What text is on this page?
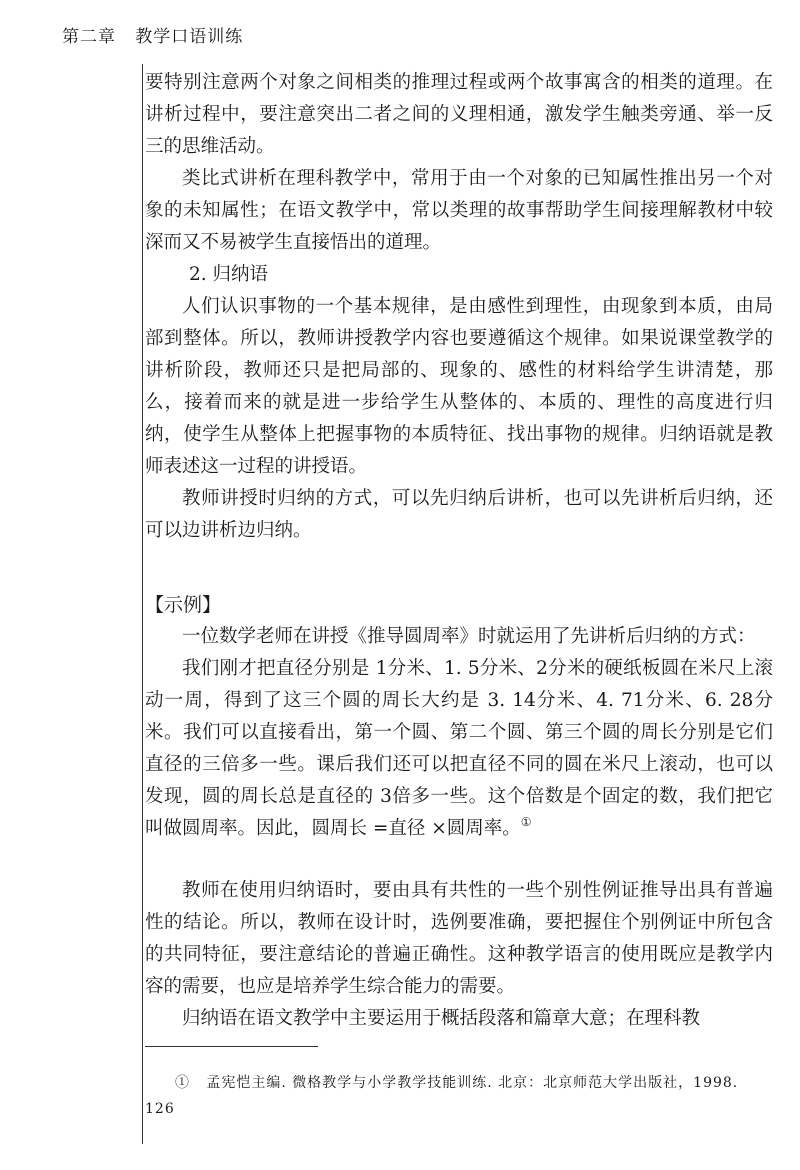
第二章   教学口语训练

要特别注意两个对象之间相类的推理过程或两个故事寓含的相类的道理。在讲析过程中，要注意突出二者之间的义理相通，激发学生触类旁通、举一反三的思维活动。

类比式讲析在理科教学中，常用于由一个对象的已知属性推出另一个对象的未知属性；在语文教学中，常以类理的故事帮助学生间接理解教材中较深而又不易被学生直接悟出的道理。

2. 归纳语

人们认识事物的一个基本规律，是由感性到理性，由现象到本质，由局部到整体。所以，教师讲授教学内容也要遵循这个规律。如果说课堂教学的讲析阶段，教师还只是把局部的、现象的、感性的材料给学生讲清楚，那么，接着而来的就是进一步给学生从整体的、本质的、理性的高度进行归纳，使学生从整体上把握事物的本质特征、找出事物的规律。归纳语就是教师表述这一过程的讲授语。

教师讲授时归纳的方式，可以先归纳后讲析，也可以先讲析后归纳，还可以边讲析边归纳。

【示例】

一位数学老师在讲授《推导圆周率》时就运用了先讲析后归纳的方式：

我们刚才把直径分别是 1分米、1. 5分米、2分米的硬纸板圆在米尺上滚动一周，得到了这三个圆的周长大约是 3. 14分米、4. 71分米、6. 28分米。我们可以直接看出，第一个圆、第二个圆、第三个圆的周长分别是它们直径的三倍多一些。课后我们还可以把直径不同的圆在米尺上滚动，也可以发现，圆的周长总是直径的 3倍多一些。这个倍数是个固定的数，我们把它叫做圆周率。因此，圆周长 =直径 ×圆周率。①

教师在使用归纳语时，要由具有共性的一些个别性例证推导出具有普遍性的结论。所以，教师在设计时，选例要准确，要把握住个别例证中所包含的共同特征，要注意结论的普遍正确性。这种教学语言的使用既应是教学内容的需要，也应是培养学生综合能力的需要。

归纳语在语文教学中主要运用于概括段落和篇章大意；在理科教

① 孟宪恺主编. 微格教学与小学教学技能训练. 北京：北京师范大学出版社，1998. 126
